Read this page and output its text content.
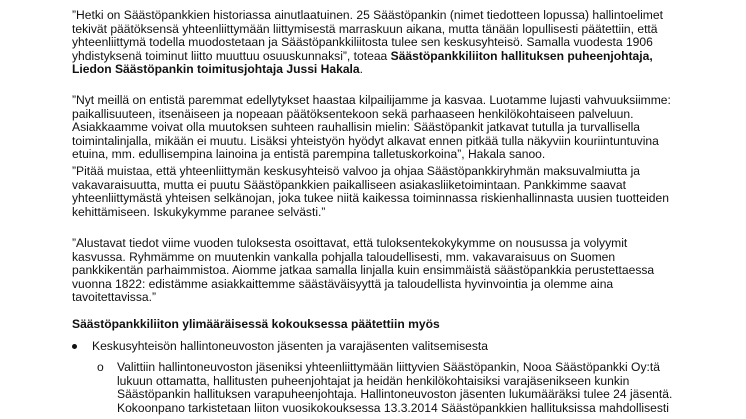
”Hetki on Säästöpankkien historiassa ainutlaatuinen. 25 Säästöpankin (nimet tiedotteen lopussa) hallintoelimet
tekivät päätöksensä yhteenliittymään liittymisestä marraskuun aikana, mutta tänään lopullisesti päätettiin, että
yhteenliittymä todella muodostetaan ja Säästöpankkiliitosta tulee sen keskusyhteisö. Samalla vuodesta 1906
yhdistyksenä toiminut liitto muuttuu osuuskunnaksi”, toteaa Säästöpankkiliiton hallituksen puheenjohtaja,
Liedon Säästöpankin toimitusjohtaja Jussi Hakala.

”Nyt meillä on entistä paremmat edellytykset haastaa kilpailijamme ja kasvaa. Luotamme lujasti vahvuuksiimme:
paikallisuuteen, itsenäiseen ja nopeaan päätöksentekoon sekä parhaaseen henkilökohtaiseen palveluun.
Asiakkaamme voivat olla muutoksen suhteen rauhallisin mielin: Säästöpankit jatkavat tutulla ja turvallisella
toimintalinjalla, mikään ei muutu. Lisäksi yhteistyön hyödyt alkavat ennen pitkää tulla näkyviin kouriintuntuvina
etuina, mm. edullisempina lainoina ja entistä parempina talletuskorkoina”, Hakala sanoo.

”Pitää muistaa, että yhteenliittymän keskusyhteisö valvoo ja ohjaa Säästöpankkiryhmän maksuvalmiutta ja
vakavaraisuutta, mutta ei puutu Säästöpankkien paikalliseen asiakasliiketoimintaan. Pankkimme saavat
yhteenliittymästä yhteisen selkänojan, joka tukee niitä kaikessa toiminnassa riskienhallinnasta uusien tuotteiden
kehittämiseen. Iskukykymme paranee selvästi.”

”Alustavat tiedot viime vuoden tuloksesta osoittavat, että tuloksentekokykymme on nousussa ja volyymit
kasvussa. Ryhmämme on muutenkin vankalla pohjalla taloudellisesti, mm. vakavaraisuus on Suomen
pankkikentän parhaimmistoa. Aiomme jatkaa samalla linjalla kuin ensimmäistä säästöpankkia perustettaessa
vuonna 1822: edistämme asiakkaittemme säästäväisyyttä ja taloudellista hyvinvointia ja olemme aina
tavoitettavissa.”

Säästöpankkiliiton ylimääräisessä kokouksessa päätettiin myös

Keskusyhteisön hallintoneuvoston jäsenten ja varajäsenten valitsemisesta
o Valittiin hallintoneuvoston jäseniksi yhteenliittymään liittyvien Säästöpankin, Nooa Säästöpankki Oy:tä
lukuun ottamatta, hallitusten puheenjohtajat ja heidän henkilökohtaisiksi varajäsenikseen kunkin
Säästöpankin hallituksen varapuheenjohtaja. Hallintoneuvoston jäsenten lukumääräksi tulee 24 jäsentä.
Kokoonpano tarkistetaan liiton vuosikokouksessa 13.3.2014 Säästöpankkien hallituksissa mahdollisesti
